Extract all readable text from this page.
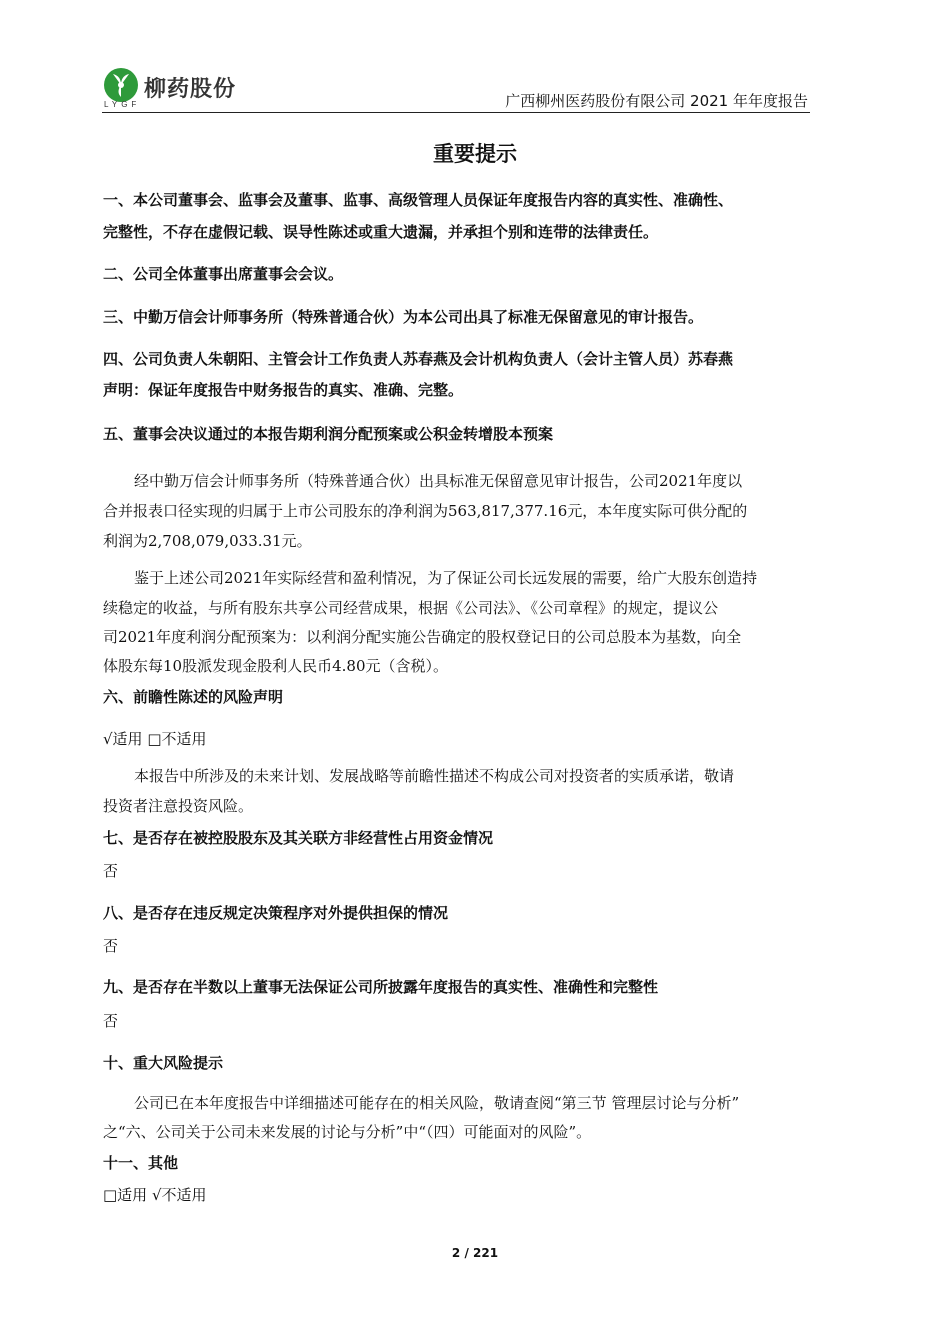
柳药股份
LYGF	广西柳州医药股份有限公司 2021 年年度报告
重要提示
一、本公司董事会、监事会及董事、监事、高级管理人员保证年度报告内容的真实性、准确性、
完整性，不存在虚假记载、误导性陈述或重大遗漏，并承担个别和连带的法律责任。
二、公司全体董事出席董事会会议。
三、中勤万信会计师事务所（特殊普通合伙）为本公司出具了标准无保留意见的审计报告。
四、公司负责人朱朝阳、主管会计工作负责人苏春燕及会计机构负责人（会计主管人员）苏春燕
声明：保证年度报告中财务报告的真实、准确、完整。
五、董事会决议通过的本报告期利润分配预案或公积金转增股本预案
经中勤万信会计师事务所（特殊普通合伙）出具标准无保留意见审计报告，公司2021年度以
合并报表口径实现的归属于上市公司股东的净利润为563,817,377.16元，本年度实际可供分配的
利润为2,708,079,033.31元。
鉴于上述公司2021年实际经营和盈利情况，为了保证公司长远发展的需要，给广大股东创造持
续稳定的收益，与所有股东共享公司经营成果，根据《公司法》、《公司章程》的规定，提议公
司2021年度利润分配预案为：以利润分配实施公告确定的股权登记日的公司总股本为基数，向全
体股东每10股派发现金股利人民币4.80元（含税）。
六、前瞻性陈述的风险声明
√适用 □不适用
本报告中所涉及的未来计划、发展战略等前瞻性描述不构成公司对投资者的实质承诺，敬请
投资者注意投资风险。
七、是否存在被控股股东及其关联方非经营性占用资金情况
否
八、是否存在违反规定决策程序对外提供担保的情况
否
九、是否存在半数以上董事无法保证公司所披露年度报告的真实性、准确性和完整性
否
十、重大风险提示
公司已在本年度报告中详细描述可能存在的相关风险，敬请查阅“第三节 管理层讨论与分析”
之“六、公司关于公司未来发展的讨论与分析”中“（四）可能面对的风险”。
十一、其他
□适用 √不适用
2 / 221
